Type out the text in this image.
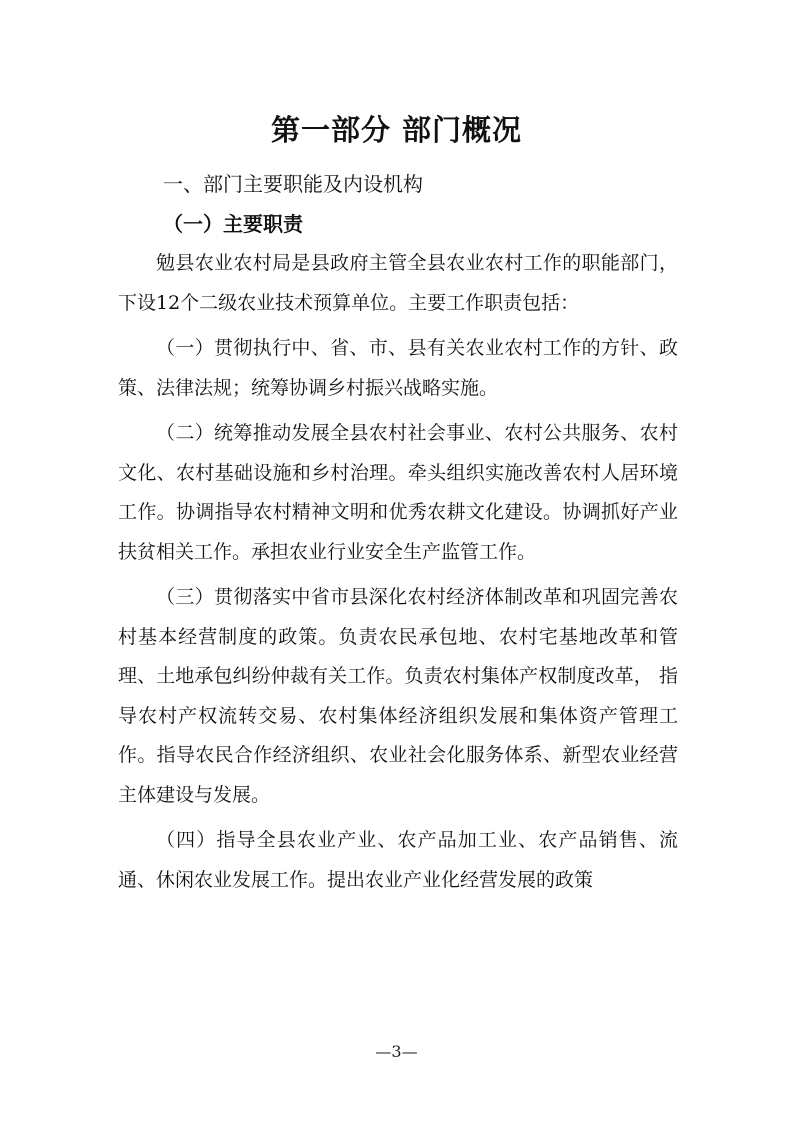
第一部分 部门概况
一、部门主要职能及内设机构
（一）主要职责

勉县农业农村局是县政府主管全县农业农村工作的职能部门，下设12个二级农业技术预算单位。主要工作职责包括：

（一）贯彻执行中、省、市、县有关农业农村工作的方针、政策、法律法规；统筹协调乡村振兴战略实施。

（二）统筹推动发展全县农村社会事业、农村公共服务、农村文化、农村基础设施和乡村治理。牵头组织实施改善农村人居环境工作。协调指导农村精神文明和优秀农耕文化建设。协调抓好产业扶贫相关工作。承担农业行业安全生产监管工作。

（三）贯彻落实中省市县深化农村经济体制改革和巩固完善农村基本经营制度的政策。负责农民承包地、农村宅基地改革和管理、土地承包纠纷仲裁有关工作。负责农村集体产权制度改革， 指导农村产权流转交易、农村集体经济组织发展和集体资产管理工作。指导农民合作经济组织、农业社会化服务体系、新型农业经营主体建设与发展。

（四）指导全县农业产业、农产品加工业、农产品销售、流通、休闲农业发展工作。提出农业产业化经营发展的政策

—3—
